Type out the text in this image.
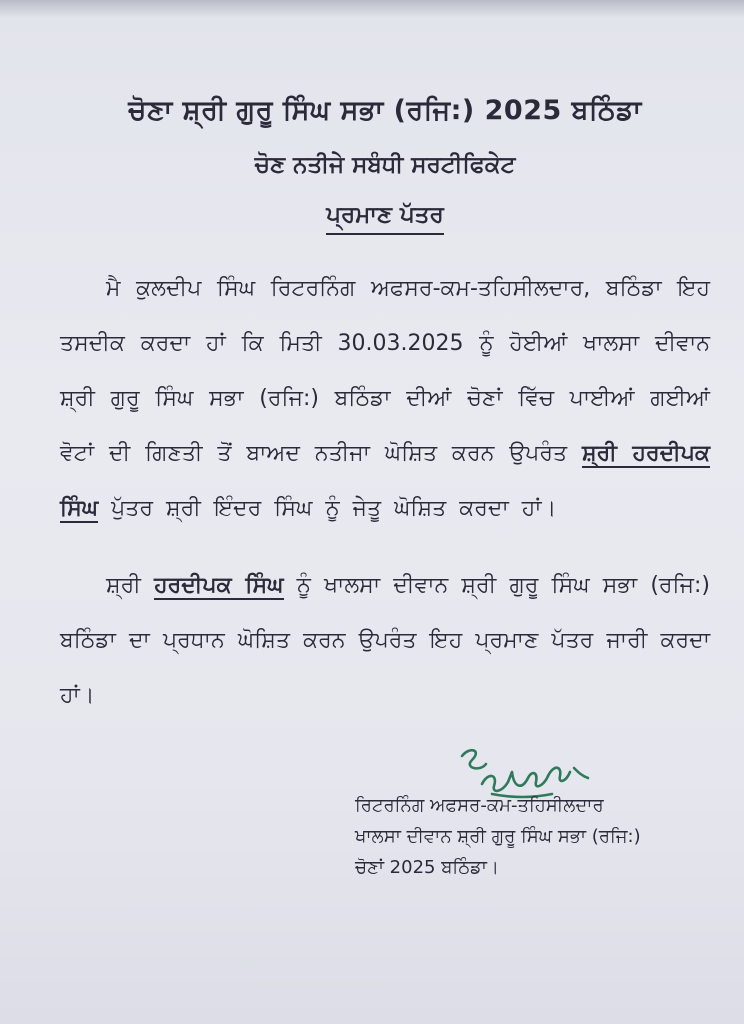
ਚੋਣਾ ਸ਼੍ਰੀ ਗੁਰੂ ਸਿੰਘ ਸਭਾ (ਰਜਿ:) 2025 ਬਠਿੰਡਾ

ਚੋਣ ਨਤੀਜੇ ਸਬੰਧੀ ਸਰਟੀਫਿਕੇਟ

ਪ੍ਰਮਾਣ ਪੱਤਰ

ਮੈ ਕੁਲਦੀਪ ਸਿੰਘ ਰਿਟਰਨਿੰਗ ਅਫਸਰ-ਕਮ-ਤਹਿਸੀਲਦਾਰ, ਬਠਿੰਡਾ ਇਹ ਤਸਦੀਕ ਕਰਦਾ ਹਾਂ ਕਿ ਮਿਤੀ 30.03.2025 ਨੂੰ ਹੋਈਆਂ ਖਾਲਸਾ ਦੀਵਾਨ ਸ਼੍ਰੀ ਗੁਰੂ ਸਿੰਘ ਸਭਾ (ਰਜਿ:) ਬਠਿੰਡਾ ਦੀਆਂ ਚੋਣਾਂ ਵਿੱਚ ਪਾਈਆਂ ਗਈਆਂ ਵੋਟਾਂ ਦੀ ਗਿਣਤੀ ਤੋਂ ਬਾਅਦ ਨਤੀਜਾ ਘੋਸ਼ਿਤ ਕਰਨ ਉਪਰੰਤ ਸ਼੍ਰੀ ਹਰਦੀਪਕ ਸਿੰਘ ਪੁੱਤਰ ਸ਼੍ਰੀ ਇੰਦਰ ਸਿੰਘ ਨੂੰ ਜੇਤੂ ਘੋਸ਼ਿਤ ਕਰਦਾ ਹਾਂ।

ਸ਼੍ਰੀ ਹਰਦੀਪਕ ਸਿੰਘ ਨੂੰ ਖਾਲਸਾ ਦੀਵਾਨ ਸ਼੍ਰੀ ਗੁਰੂ ਸਿੰਘ ਸਭਾ (ਰਜਿ:) ਬਠਿੰਡਾ ਦਾ ਪ੍ਰਧਾਨ ਘੋਸ਼ਿਤ ਕਰਨ ਉਪਰੰਤ ਇਹ ਪ੍ਰਮਾਣ ਪੱਤਰ ਜਾਰੀ ਕਰਦਾ ਹਾਂ।

ਰਿਟਰਨਿੰਗ ਅਫਸਰ-ਕਮ-ਤਹਿਸੀਲਦਾਰ
ਖਾਲਸਾ ਦੀਵਾਨ ਸ਼੍ਰੀ ਗੁਰੂ ਸਿੰਘ ਸਭਾ (ਰਜਿ:)
ਚੋਣਾਂ 2025 ਬਠਿੰਡਾ।
